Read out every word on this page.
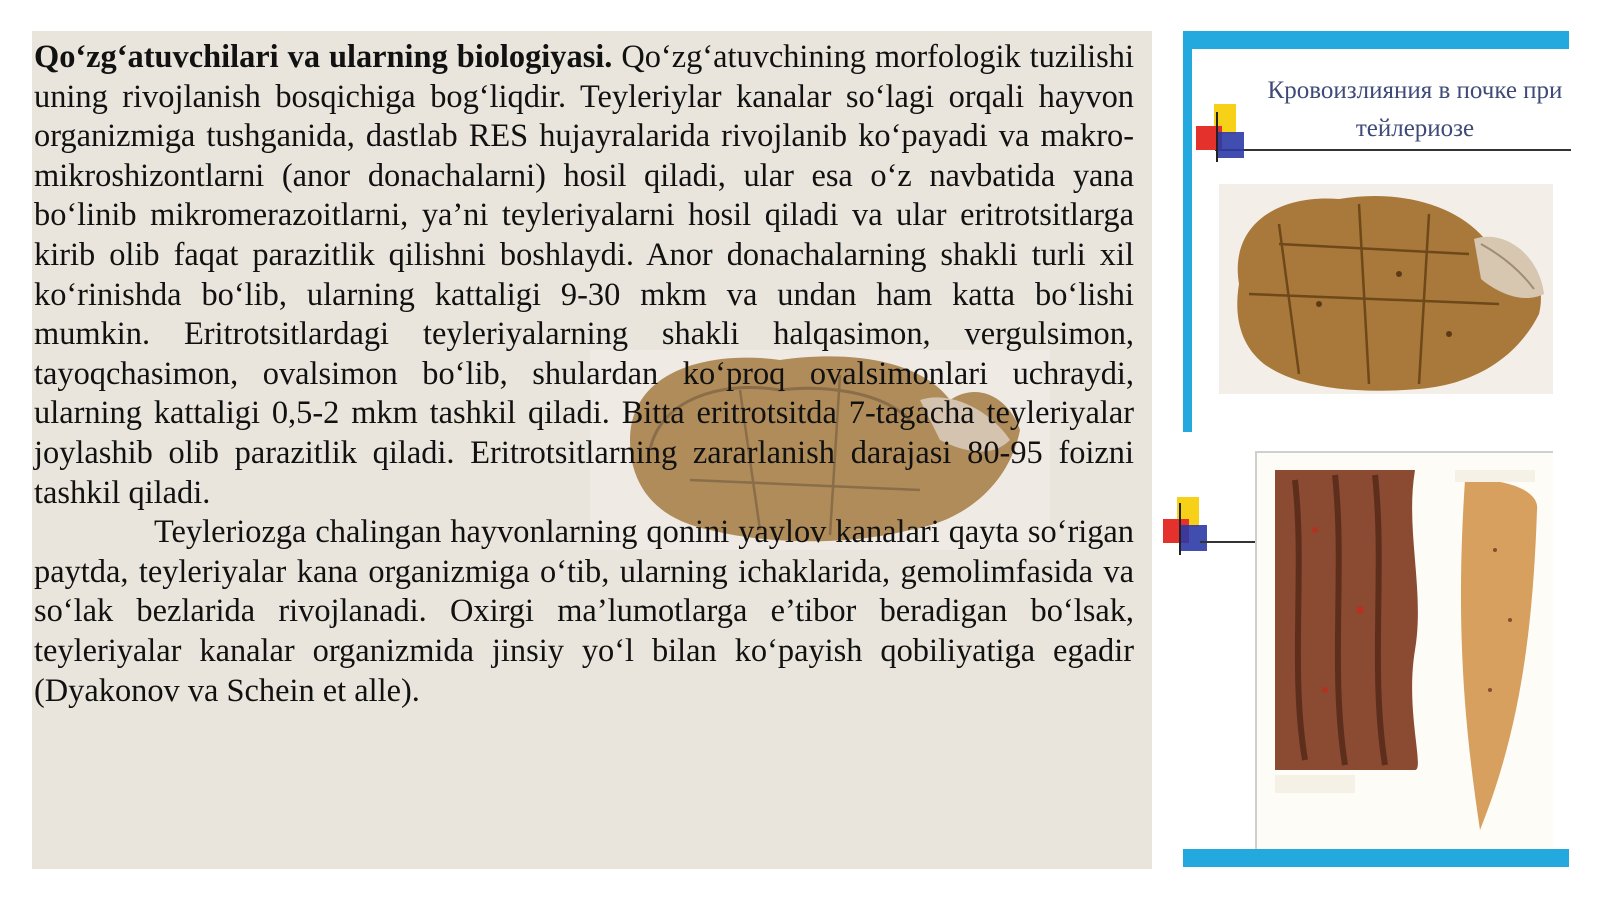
Qo‘zg‘atuvchilari va ularning biologiyasi. Qo‘zg‘atuvchining morfologik tuzilishi uning rivojlanish bosqichiga bog‘liqdir. Teyleriylar kanalar so‘lagi orqali hayvon organizmiga tushganida, dastlab RES hujayralarida rivojlanib ko‘payadi va makro-mikroshizontlarni (anor donachalarni) hosil qiladi, ular esa o‘z navbatida yana bo‘linib mikromerazoitlarni, ya’ni teyleriyalarni hosil qiladi va ular eritrotsitlarga kirib olib faqat parazitlik qilishni boshlaydi. Anor donachalarning shakli turli xil ko‘rinishda bo‘lib, ularning kattaligi 9-30 mkm va undan ham katta bo‘lishi mumkin. Eritrotsitlardagi teyleriyalarning shakli halqasimon, vergulsimon, tayoqchasimon, ovalsimon bo‘lib, shulardan ko‘proq ovalsimonlari uchraydi, ularning kattaligi 0,5-2 mkm tashkil qiladi. Bitta eritrotsitda 7-tagacha teyleriyalar joylashib olib parazitlik qiladi. Eritrotsitlarning zararlanish darajasi 80-95 foizni tashkil qiladi.

Teyleriozga chalingan hayvonlarning qonini yaylov kanalari qayta so‘rigan paytda, teyleriyalar kana organizmiga o‘tib, ularning ichaklarida, gemolimfasida va so‘lak bezlarida rivojlanadi. Oxirgi ma’lumotlarga e’tibor beradigan bo‘lsak, teyleriyalar kanalar organizmida jinsiy yo‘l bilan ko‘payish qobiliyatiga egadir (Dyakonov va Schein et alle).

Кровоизлияния в почке при
тейлериозе
